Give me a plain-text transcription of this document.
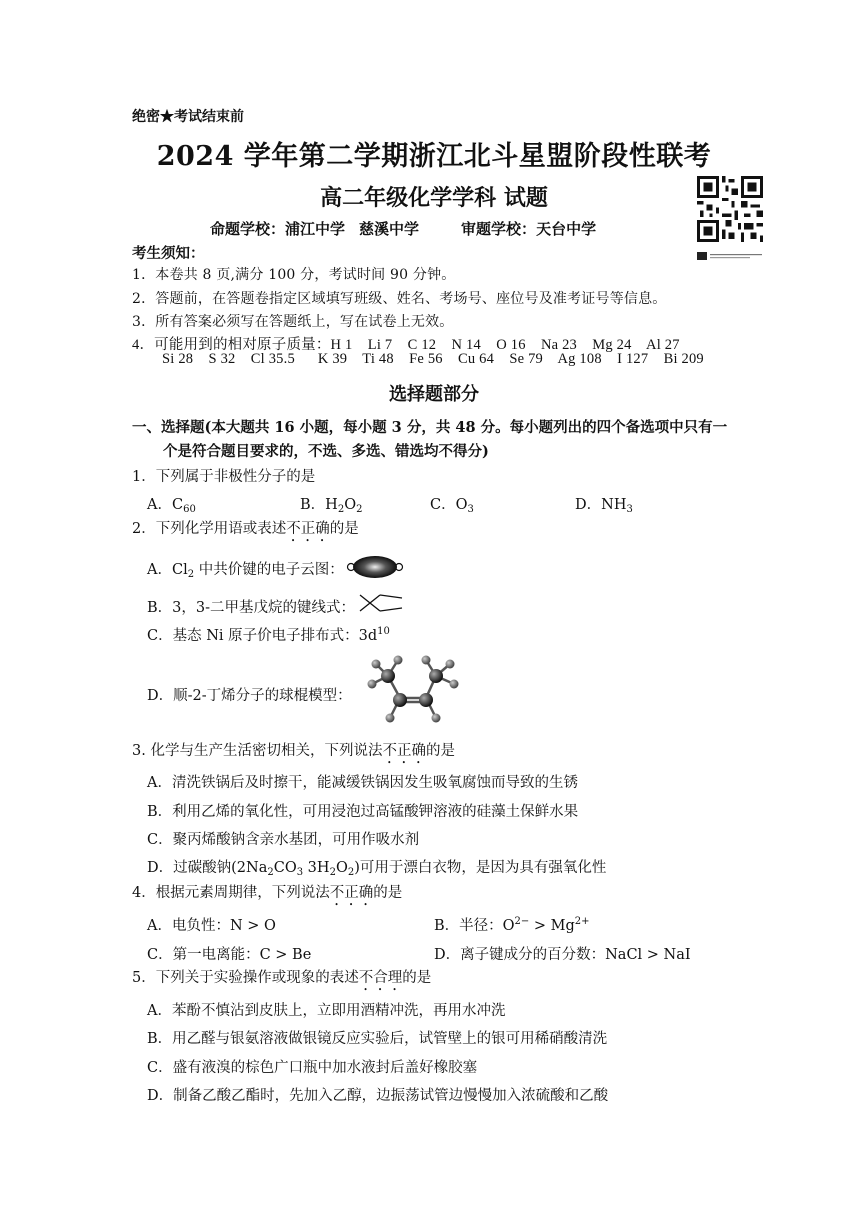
绝密★考试结束前
2024 学年第二学期浙江北斗星盟阶段性联考
高二年级化学学科 试题
命题学校：浦江中学 慈溪中学	审题学校：天台中学
考生须知：
1．本卷共 8 页,满分 100 分，考试时间 90 分钟。
2．答题前，在答题卷指定区域填写班级、姓名、考场号、座位号及准考证号等信息。
3．所有答案必须写在答题纸上，写在试卷上无效。
4．可能用到的相对原子质量：H 1    Li 7    C 12    N 14    O 16    Na 23    Mg 24    Al 27
Si 28    S 32    Cl 35.5      K 39    Ti 48    Fe 56    Cu 64    Se 79    Ag 108    I 127    Bi 209
选择题部分
一、选择题(本大题共 16 小题，每小题 3 分，共 48 分。每小题列出的四个备选项中只有一
个是符合题目要求的，不选、多选、错选均不得分)
1．下列属于非极性分子的是
A．$C_{60}$	B．$H_2O_2$	C．$O_3$	D．$NH_3$
2．下列化学用语或表述不正确的是
A．$Cl_2$ 中共价键的电子云图：
B．3，3-二甲基戊烷的键线式：
C．基态 Ni 原子价电子排布式：$3d^{10}$
D．顺-2-丁烯分子的球棍模型：
3. 化学与生产生活密切相关，下列说法不正确的是
A．清洗铁锅后及时擦干，能减缓铁锅因发生吸氧腐蚀而导致的生锈
B．利用乙烯的氧化性，可用浸泡过高锰酸钾溶液的硅藻土保鲜水果
C．聚丙烯酸钠含亲水基团，可用作吸水剂
D．过碳酸钠($2Na_2CO_3$ $3H_2O_2$)可用于漂白衣物，是因为具有强氧化性
4．根据元素周期律，下列说法不正确的是
A．电负性：N > O	B．半径：$O^{2-} > Mg^{2+}$
C．第一电离能：C > Be	D．离子键成分的百分数：NaCl > NaI
5．下列关于实验操作或现象的表述不合理的是
A．苯酚不慎沾到皮肤上，立即用酒精冲洗，再用水冲洗
B．用乙醛与银氨溶液做银镜反应实验后，试管壁上的银可用稀硝酸清洗
C．盛有液溴的棕色广口瓶中加水液封后盖好橡胶塞
D．制备乙酸乙酯时，先加入乙醇，边振荡试管边慢慢加入浓硫酸和乙酸
